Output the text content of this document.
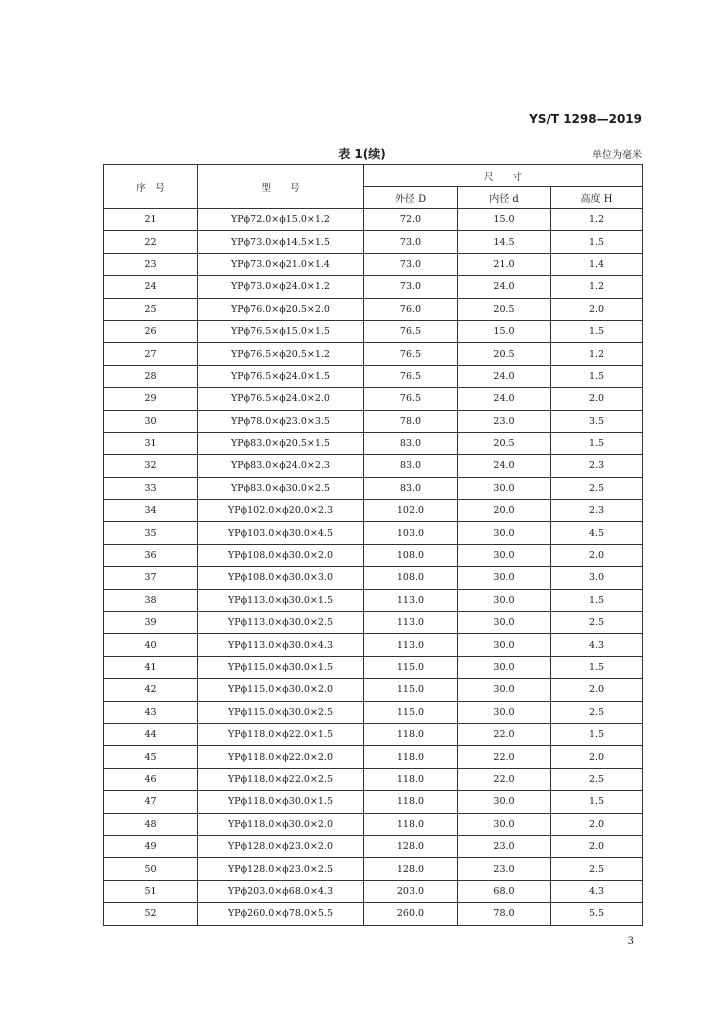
YS/T 1298—2019
表 1(续)	单位为毫米
序　号	型　　号	尺　　寸		
		外径 D	内径 d	高度 H
21	YPϕ72.0×ϕ15.0×1.2	72.0	15.0	1.2
22	YPϕ73.0×ϕ14.5×1.5	73.0	14.5	1.5
23	YPϕ73.0×ϕ21.0×1.4	73.0	21.0	1.4
24	YPϕ73.0×ϕ24.0×1.2	73.0	24.0	1.2
25	YPϕ76.0×ϕ20.5×2.0	76.0	20.5	2.0
26	YPϕ76.5×ϕ15.0×1.5	76.5	15.0	1.5
27	YPϕ76.5×ϕ20.5×1.2	76.5	20.5	1.2
28	YPϕ76.5×ϕ24.0×1.5	76.5	24.0	1.5
29	YPϕ76.5×ϕ24.0×2.0	76.5	24.0	2.0
30	YPϕ78.0×ϕ23.0×3.5	78.0	23.0	3.5
31	YPϕ83.0×ϕ20.5×1.5	83.0	20.5	1.5
32	YPϕ83.0×ϕ24.0×2.3	83.0	24.0	2.3
33	YPϕ83.0×ϕ30.0×2.5	83.0	30.0	2.5
34	YPϕ102.0×ϕ20.0×2.3	102.0	20.0	2.3
35	YPϕ103.0×ϕ30.0×4.5	103.0	30.0	4.5
36	YPϕ108.0×ϕ30.0×2.0	108.0	30.0	2.0
37	YPϕ108.0×ϕ30.0×3.0	108.0	30.0	3.0
38	YPϕ113.0×ϕ30.0×1.5	113.0	30.0	1.5
39	YPϕ113.0×ϕ30.0×2.5	113.0	30.0	2.5
40	YPϕ113.0×ϕ30.0×4.3	113.0	30.0	4.3
41	YPϕ115.0×ϕ30.0×1.5	115.0	30.0	1.5
42	YPϕ115.0×ϕ30.0×2.0	115.0	30.0	2.0
43	YPϕ115.0×ϕ30.0×2.5	115.0	30.0	2.5
44	YPϕ118.0×ϕ22.0×1.5	118.0	22.0	1.5
45	YPϕ118.0×ϕ22.0×2.0	118.0	22.0	2.0
46	YPϕ118.0×ϕ22.0×2.5	118.0	22.0	2.5
47	YPϕ118.0×ϕ30.0×1.5	118.0	30.0	1.5
48	YPϕ118.0×ϕ30.0×2.0	118.0	30.0	2.0
49	YPϕ128.0×ϕ23.0×2.0	128.0	23.0	2.0
50	YPϕ128.0×ϕ23.0×2.5	128.0	23.0	2.5
51	YPϕ203.0×ϕ68.0×4.3	203.0	68.0	4.3
52	YPϕ260.0×ϕ78.0×5.5	260.0	78.0	5.5
3
